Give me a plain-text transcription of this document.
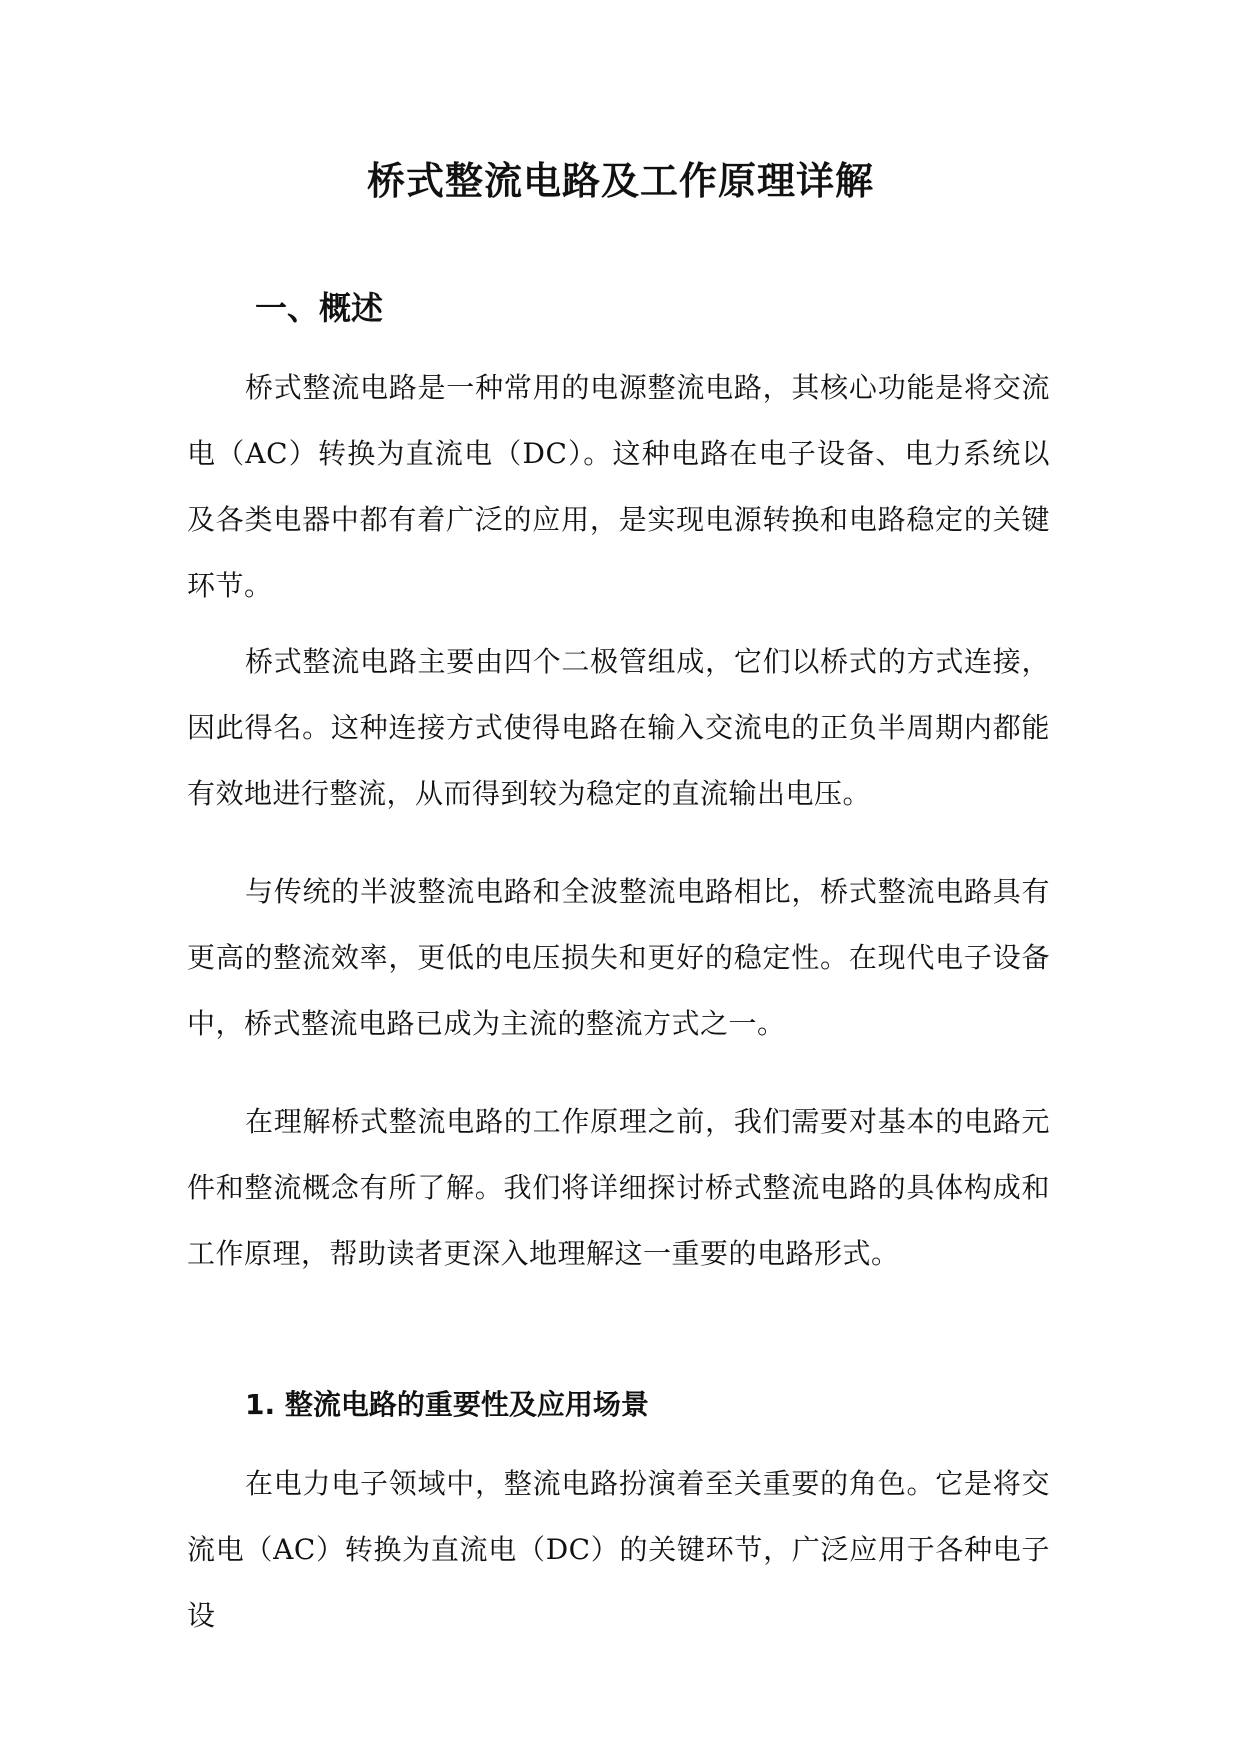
桥式整流电路及工作原理详解
一、概述
桥式整流电路是一种常用的电源整流电路，其核心功能是将交流电（AC）转换为直流电（DC）。这种电路在电子设备、电力系统以及各类电器中都有着广泛的应用，是实现电源转换和电路稳定的关键环节。
桥式整流电路主要由四个二极管组成，它们以桥式的方式连接，因此得名。这种连接方式使得电路在输入交流电的正负半周期内都能有效地进行整流，从而得到较为稳定的直流输出电压。
与传统的半波整流电路和全波整流电路相比，桥式整流电路具有更高的整流效率，更低的电压损失和更好的稳定性。在现代电子设备中，桥式整流电路已成为主流的整流方式之一。
在理解桥式整流电路的工作原理之前，我们需要对基本的电路元件和整流概念有所了解。我们将详细探讨桥式整流电路的具体构成和工作原理，帮助读者更深入地理解这一重要的电路形式。
1. 整流电路的重要性及应用场景
在电力电子领域中，整流电路扮演着至关重要的角色。它是将交流电（AC）转换为直流电（DC）的关键环节，广泛应用于各种电子设
